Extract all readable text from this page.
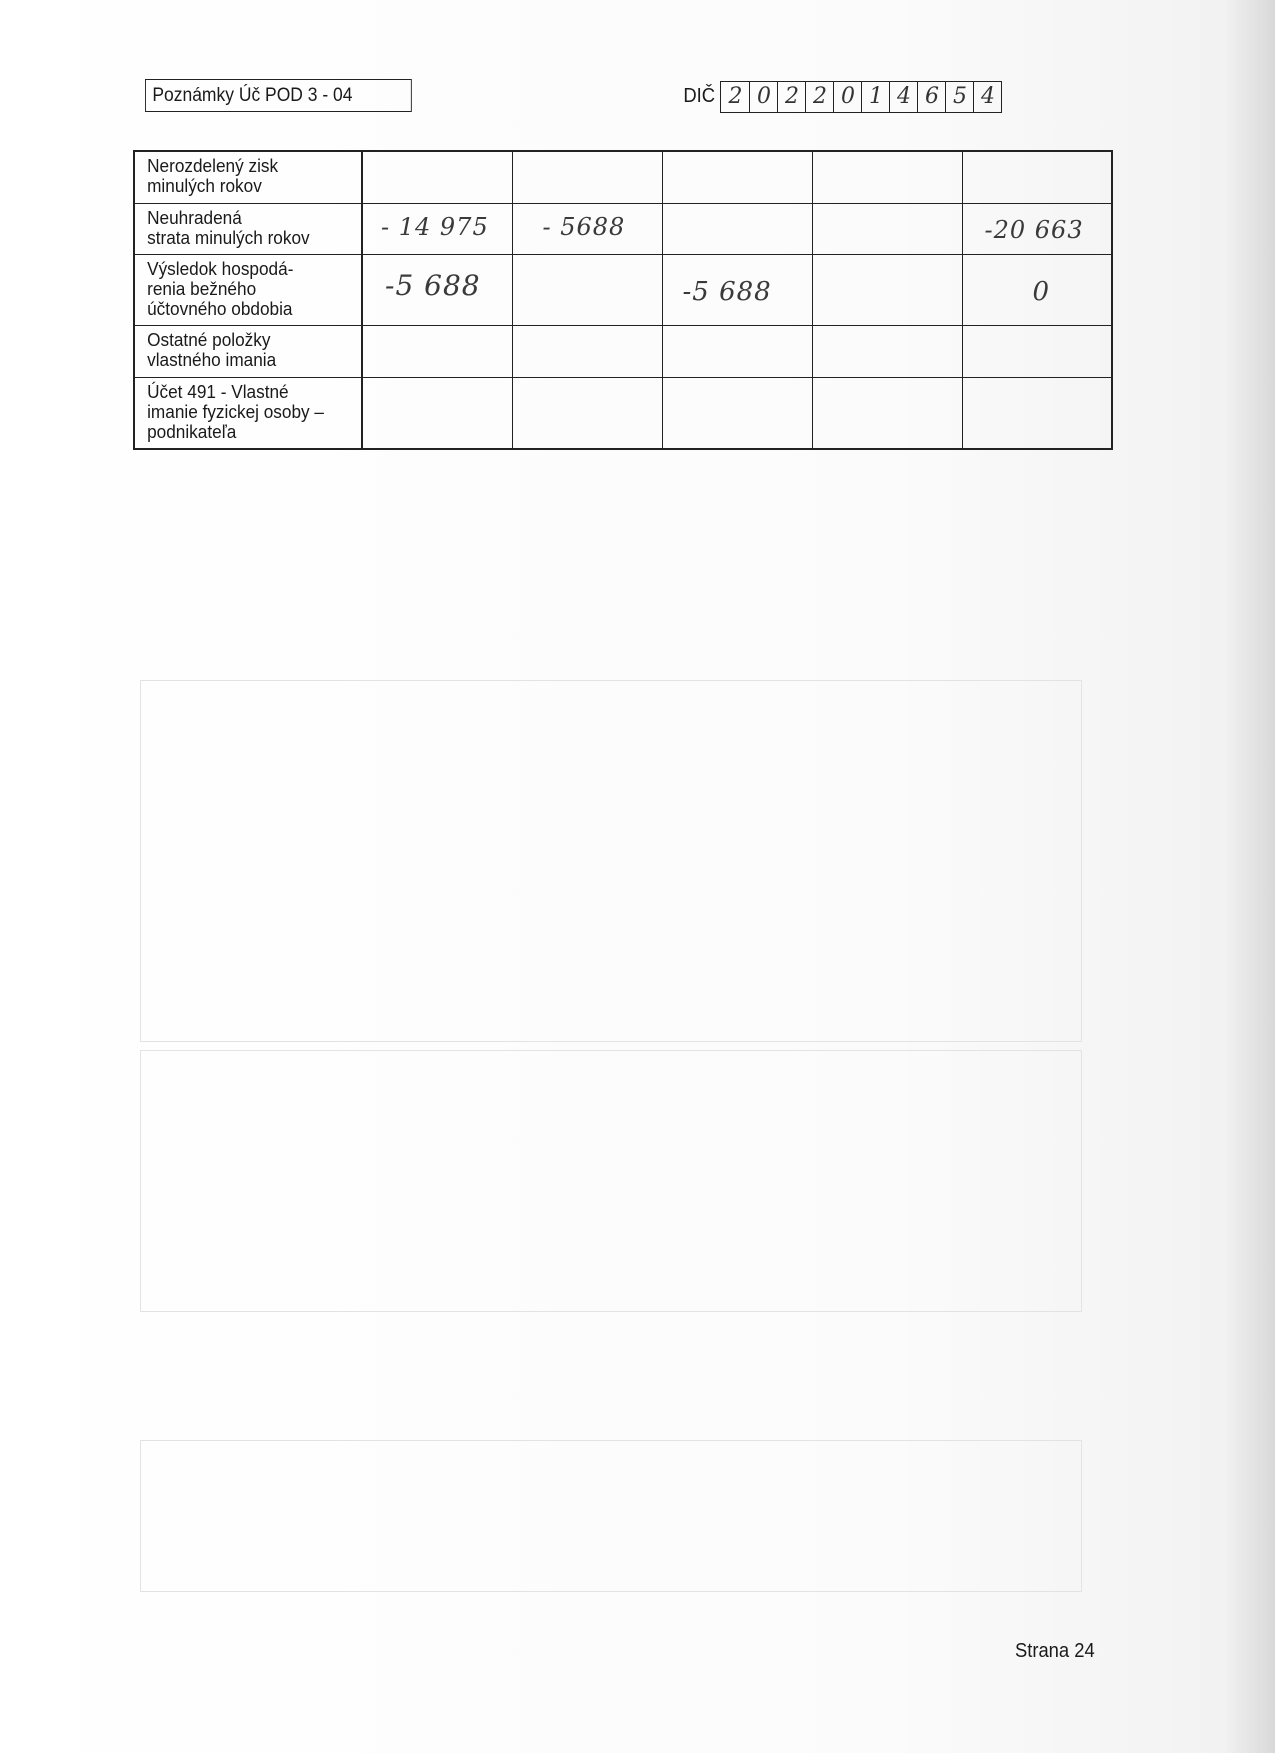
Poznámky Úč POD 3 - 04	DIČ 2 0 2 2 0 1 4 6 5 4
Nerozdelený zisk
minulých rokov					

Neuhradená
strata minulých rokov	- 14 975	- 5688			-20 663

Výsledok hospodá-
renia bežného
účtovného obdobia	-5 688		-5 688		0

Ostatné položky
vlastného imania					

Účet 491 - Vlastné
imanie fyzickej osoby –
podnikateľa					

Strana 24
